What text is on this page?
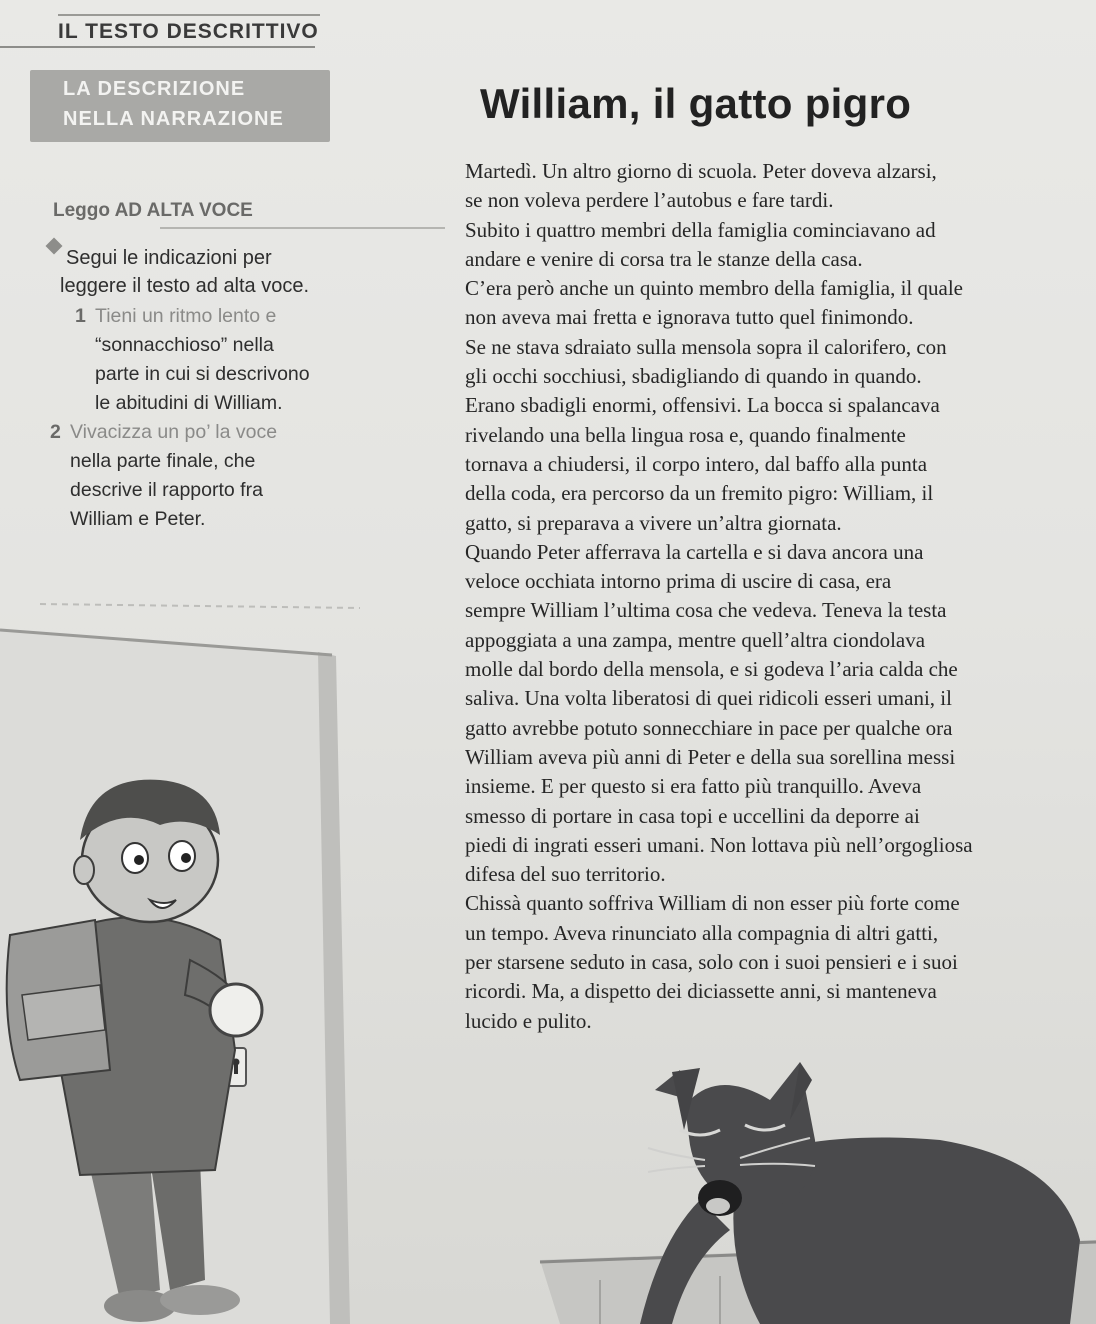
IL TESTO DESCRITTIVO
LA DESCRIZIONE
NELLA NARRAZIONE	William, il gatto pigro
Leggo AD ALTA VOCE
Segui le indicazioni per
leggere il testo ad alta voce.
1 Tieni un ritmo lento e
“sonnacchioso” nella
parte in cui si descrivono
le abitudini di William.
2 Vivacizza un po’ la voce
nella parte finale, che
descrive il rapporto fra
William e Peter.

Martedì. Un altro giorno di scuola. Peter doveva alzarsi,
se non voleva perdere l’autobus e fare tardi.
Subito i quattro membri della famiglia cominciavano ad
andare e venire di corsa tra le stanze della casa.
C’era però anche un quinto membro della famiglia, il quale
non aveva mai fretta e ignorava tutto quel finimondo.
Se ne stava sdraiato sulla mensola sopra il calorifero, con
gli occhi socchiusi, sbadigliando di quando in quando.
Erano sbadigli enormi, offensivi. La bocca si spalancava
rivelando una bella lingua rosa e, quando finalmente
tornava a chiudersi, il corpo intero, dal baffo alla punta
della coda, era percorso da un fremito pigro: William, il
gatto, si preparava a vivere un’altra giornata.

Quando Peter afferrava la cartella e si dava ancora una
veloce occhiata intorno prima di uscire di casa, era
sempre William l’ultima cosa che vedeva. Teneva la testa
appoggiata a una zampa, mentre quell’altra ciondolava
molle dal bordo della mensola, e si godeva l’aria calda che
saliva. Una volta liberatosi di quei ridicoli esseri umani, il
gatto avrebbe potuto sonnecchiare in pace per qualche ora
William aveva più anni di Peter e della sua sorellina messi
insieme. E per questo si era fatto più tranquillo. Aveva
smesso di portare in casa topi e uccellini da deporre ai
piedi di ingrati esseri umani. Non lottava più nell’orgogliosa
difesa del suo territorio.

Chissà quanto soffriva William di non esser più forte come
un tempo. Aveva rinunciato alla compagnia di altri gatti,
per starsene seduto in casa, solo con i suoi pensieri e i suoi
ricordi. Ma, a dispetto dei diciassette anni, si manteneva
lucido e pulito.
